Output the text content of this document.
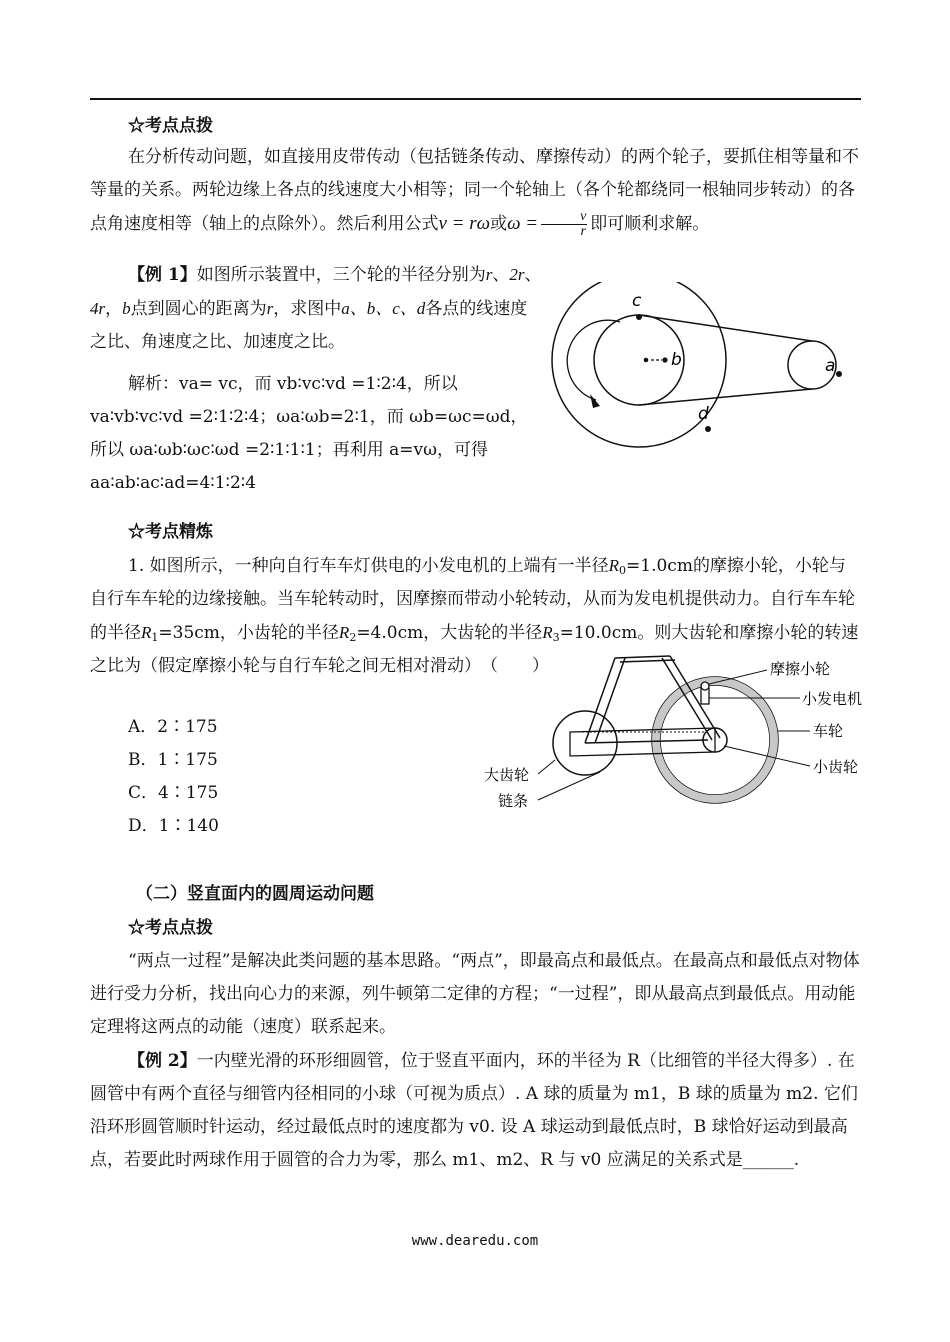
☆考点点拨

在分析传动问题，如直接用皮带传动（包括链条传动、摩擦传动）的两个轮子，要抓住相等量和不等量的关系。两轮边缘上各点的线速度大小相等；同一个轮轴上（各个轮都绕同一根轴同步转动）的各点角速度相等（轴上的点除外）。然后利用公式v = rω或$\omega = \frac{v}{r}$ 即可顺利求解。

【例 1】如图所示装置中，三个轮的半径分别为r、2r、4r，b点到圆心的距离为r，求图中a、b、c、d各点的线速度之比、角速度之比、加速度之比。

解析：va= vc，而 vb∶vc∶vd =1∶2∶4，所以 va∶vb∶vc∶vd =2∶1∶2∶4；ωa∶ωb=2∶1，而 ωb=ωc=ωd，所以 ωa∶ωb∶ωc∶ωd =2∶1∶1∶1；再利用 a=vω，可得 aa∶ab∶ac∶ad=4∶1∶2∶4

c
b	a
d

☆考点精炼

1. 如图所示，一种向自行车车灯供电的小发电机的上端有一半径$R_0=1.0cm$的摩擦小轮，小轮与自行车车轮的边缘接触。当车轮转动时，因摩擦而带动小轮转动，从而为发电机提供动力。自行车车轮的半径$R_1=35cm$，小齿轮的半径$R_2=4.0cm$，大齿轮的半径$R_3=10.0cm$。则大齿轮和摩擦小轮的转速之比为（假定摩擦小轮与自行车轮之间无相对滑动）　（　　）

A．2∶175

B．1∶175

C．4∶175

D．1∶140

摩擦小轮
小发电机
车轮
小齿轮
大齿轮
链条

（二）竖直面内的圆周运动问题

☆考点点拨

“两点一过程”是解决此类问题的基本思路。“两点”，即最高点和最低点。在最高点和最低点对物体进行受力分析，找出向心力的来源，列牛顿第二定律的方程；“一过程”，即从最高点到最低点。用动能定理将这两点的动能（速度）联系起来。

【例 2】一内壁光滑的环形细圆管，位于竖直平面内，环的半径为 R（比细管的半径大得多）. 在圆管中有两个直径与细管内径相同的小球（可视为质点）. A 球的质量为 m1，B 球的质量为 m2. 它们沿环形圆管顺时针运动，经过最低点时的速度都为 v0. 设 A 球运动到最低点时，B 球恰好运动到最高点，若要此时两球作用于圆管的合力为零，那么 m1、m2、R 与 v0 应满足的关系式是______.

www.dearedu.com
